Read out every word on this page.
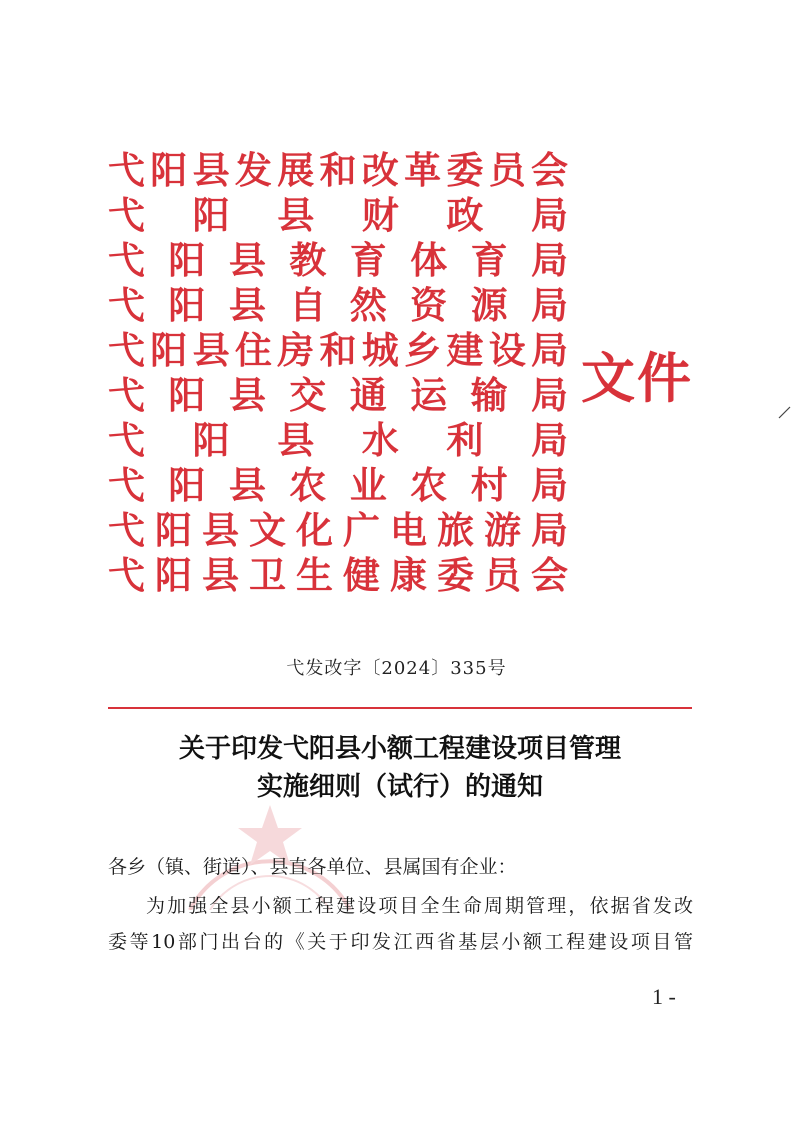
弋阳县发展和改革委员会
弋阳县财政局
弋阳县教育体育局
弋阳县自然资源局
弋阳县住房和城乡建设局
弋阳县交通运输局
弋阳县水利局
弋阳县农业农村局
弋阳县文化广电旅游局
弋阳县卫生健康委员会
文件
弋发改字〔2024〕335号
关于印发弋阳县小额工程建设项目管理
实施细则（试行）的通知
各乡（镇、街道）、县直各单位、县属国有企业：
为加强全县小额工程建设项目全生命周期管理，依据省发改
委等10部门出台的《关于印发江西省基层小额工程建设项目管
1 -
